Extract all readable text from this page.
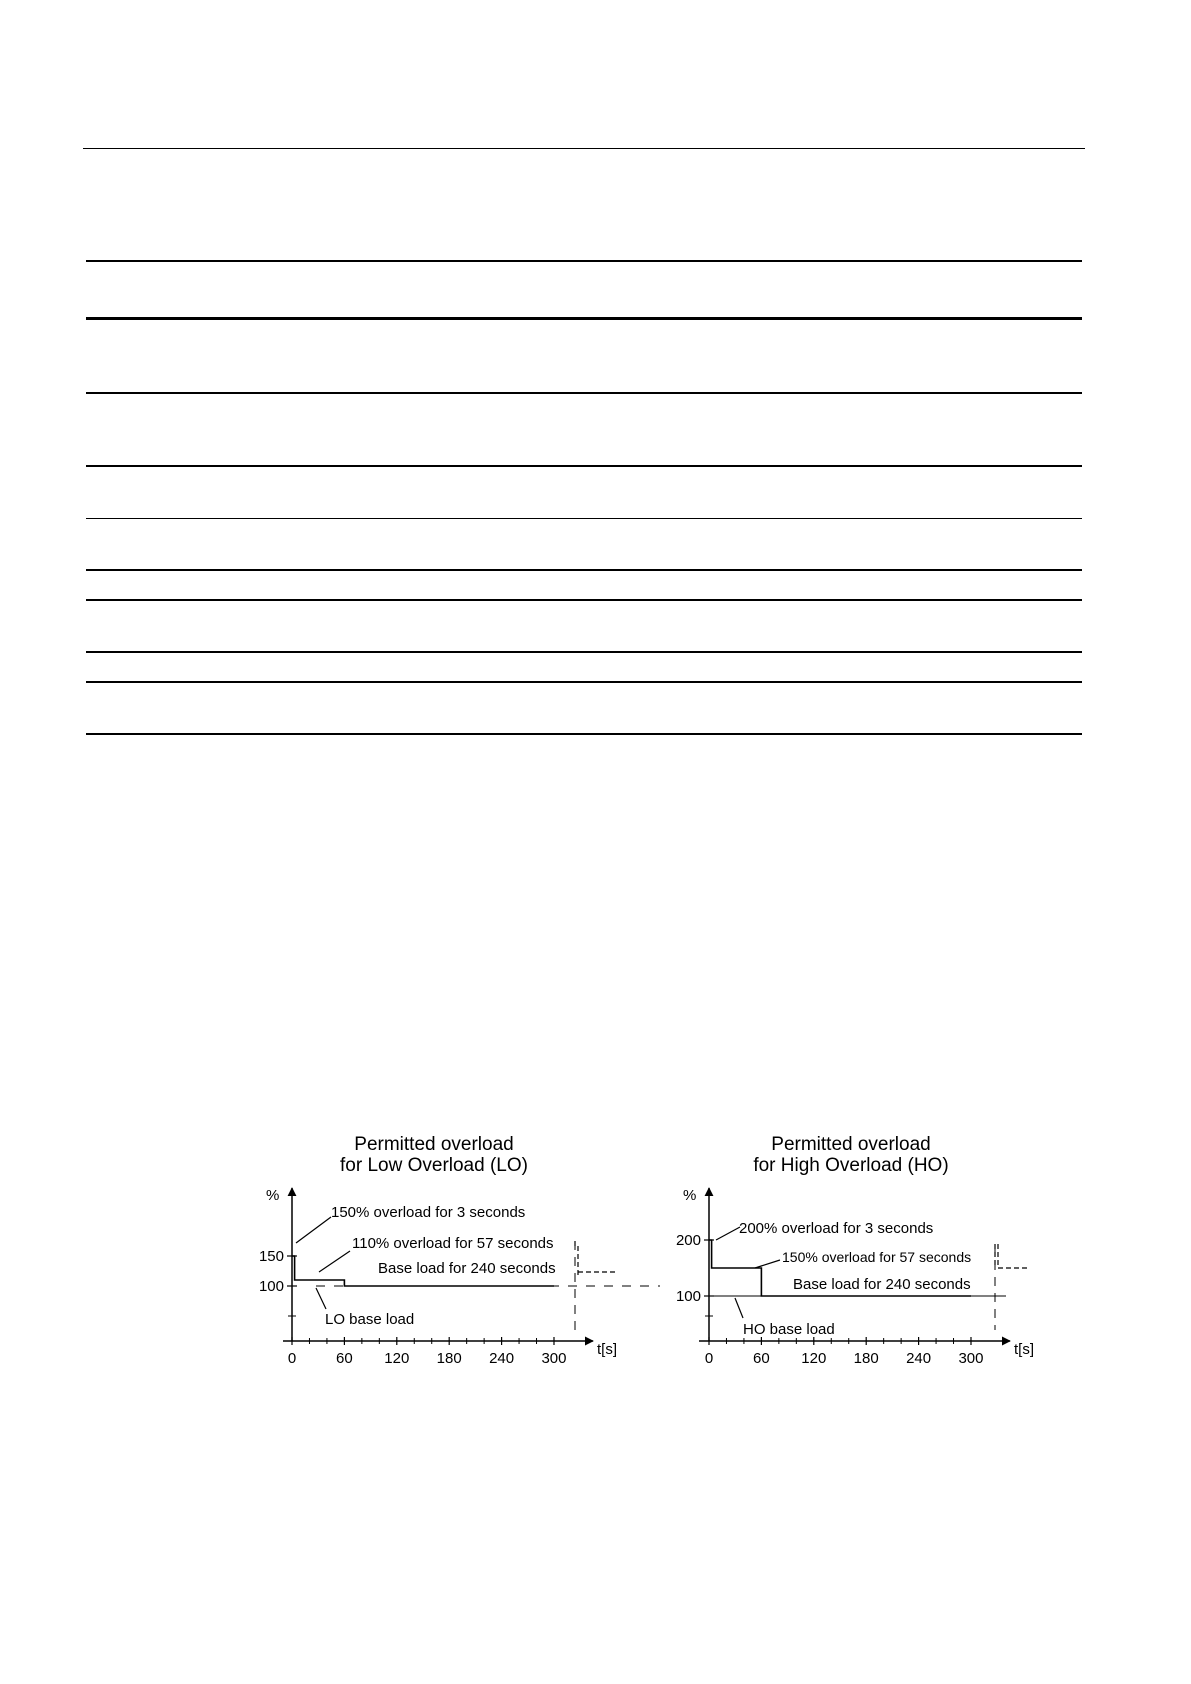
Permitted overload
for Low Overload (LO)
%
t[s]
0	60 120 180 240 300
100
150
150% overload for 3 seconds
110% overload for 57 seconds
Base load for 240 seconds
LO base load
Permitted overload
for High Overload (HO)
%
t[s]
0	60 120 180 240 300
100
200
200% overload for 3 seconds
150% overload for 57 seconds
Base load for 240 seconds
HO base load
